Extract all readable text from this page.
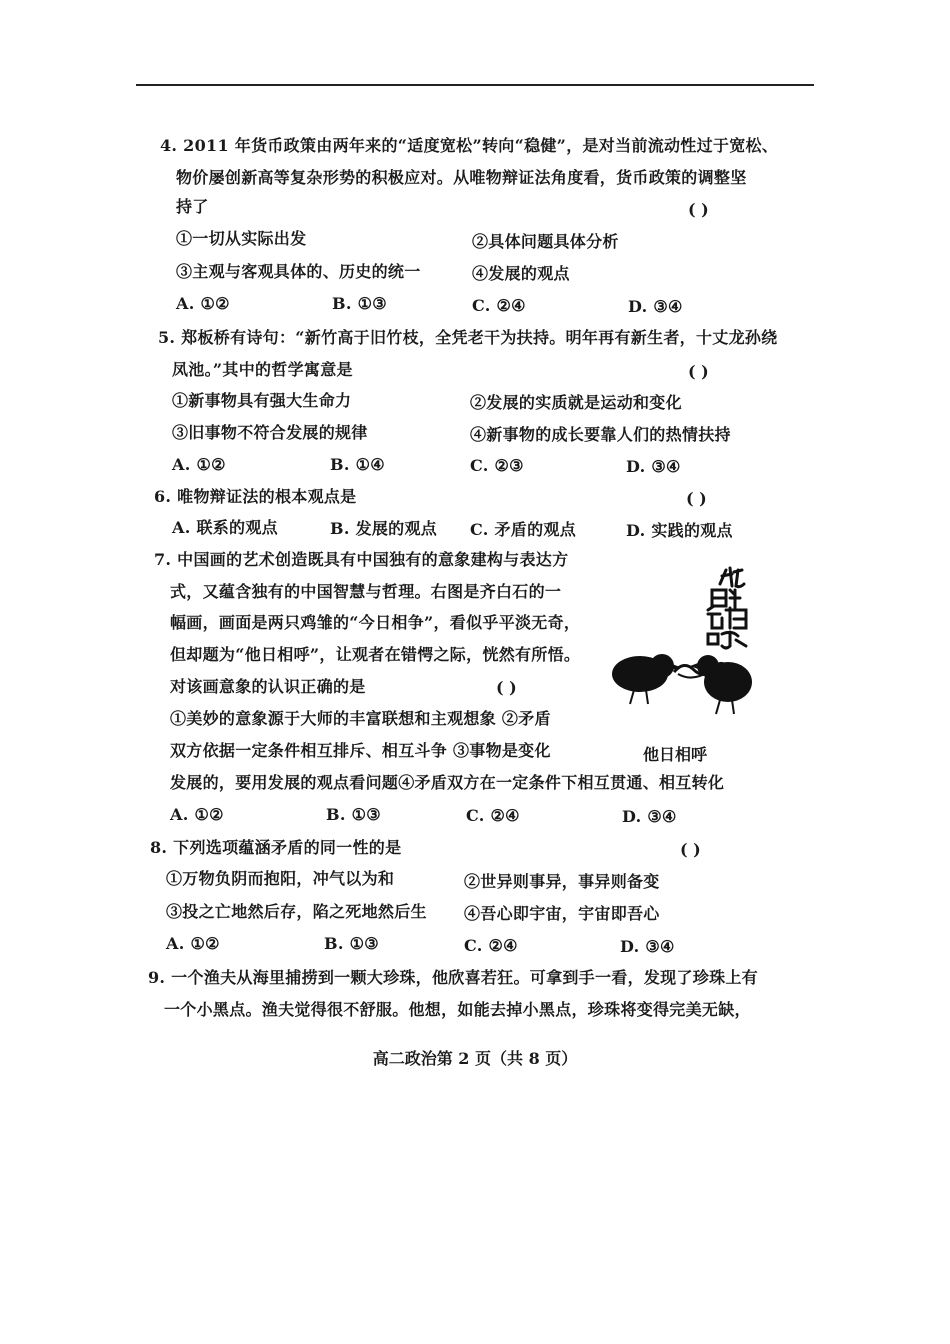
4. 2011 年货币政策由两年来的“适度宽松”转向“稳健”，是对当前流动性过于宽松、
物价屡创新高等复杂形势的积极应对。从唯物辩证法角度看，货币政策的调整坚
持了	( )
①一切从实际出发	②具体问题具体分析
③主观与客观具体的、历史的统一	④发展的观点
A. ①②	B. ①③	C. ②④	D. ③④
5. 郑板桥有诗句：“新竹高于旧竹枝，全凭老干为扶持。明年再有新生者，十丈龙孙绕
凤池。”其中的哲学寓意是	( )
①新事物具有强大生命力	②发展的实质就是运动和变化
③旧事物不符合发展的规律	④新事物的成长要靠人们的热情扶持
A. ①②	B. ①④	C. ②③	D. ③④
6. 唯物辩证法的根本观点是	( )
A. 联系的观点	B. 发展的观点 C. 矛盾的观点	D. 实践的观点
7. 中国画的艺术创造既具有中国独有的意象建构与表达方
式，又蕴含独有的中国智慧与哲理。右图是齐白石的一
幅画，画面是两只鸡雏的“今日相争”，看似乎平淡无奇，
但却题为“他日相呼”，让观者在错愕之际，恍然有所悟。
对该画意象的认识正确的是	( )
①美妙的意象源于大师的丰富联想和主观想象 ②矛盾
双方依据一定条件相互排斥、相互斗争 ③事物是变化
发展的，要用发展的观点看问题④矛盾双方在一定条件下相互贯通、相互转化
A. ①②	B. ①③	C. ②④	D. ③④
他日相呼
8. 下列选项蕴涵矛盾的同一性的是	( )
①万物负阴而抱阳，冲气以为和	②世异则事异，事异则备变
③投之亡地然后存，陷之死地然后生 ④吾心即宇宙，宇宙即吾心
A. ①②	B. ①③	C. ②④	D. ③④
9. 一个渔夫从海里捕捞到一颗大珍珠，他欣喜若狂。可拿到手一看，发现了珍珠上有
一个小黑点。渔夫觉得很不舒服。他想，如能去掉小黑点，珍珠将变得完美无缺，
高二政治第 2 页（共 8 页）
